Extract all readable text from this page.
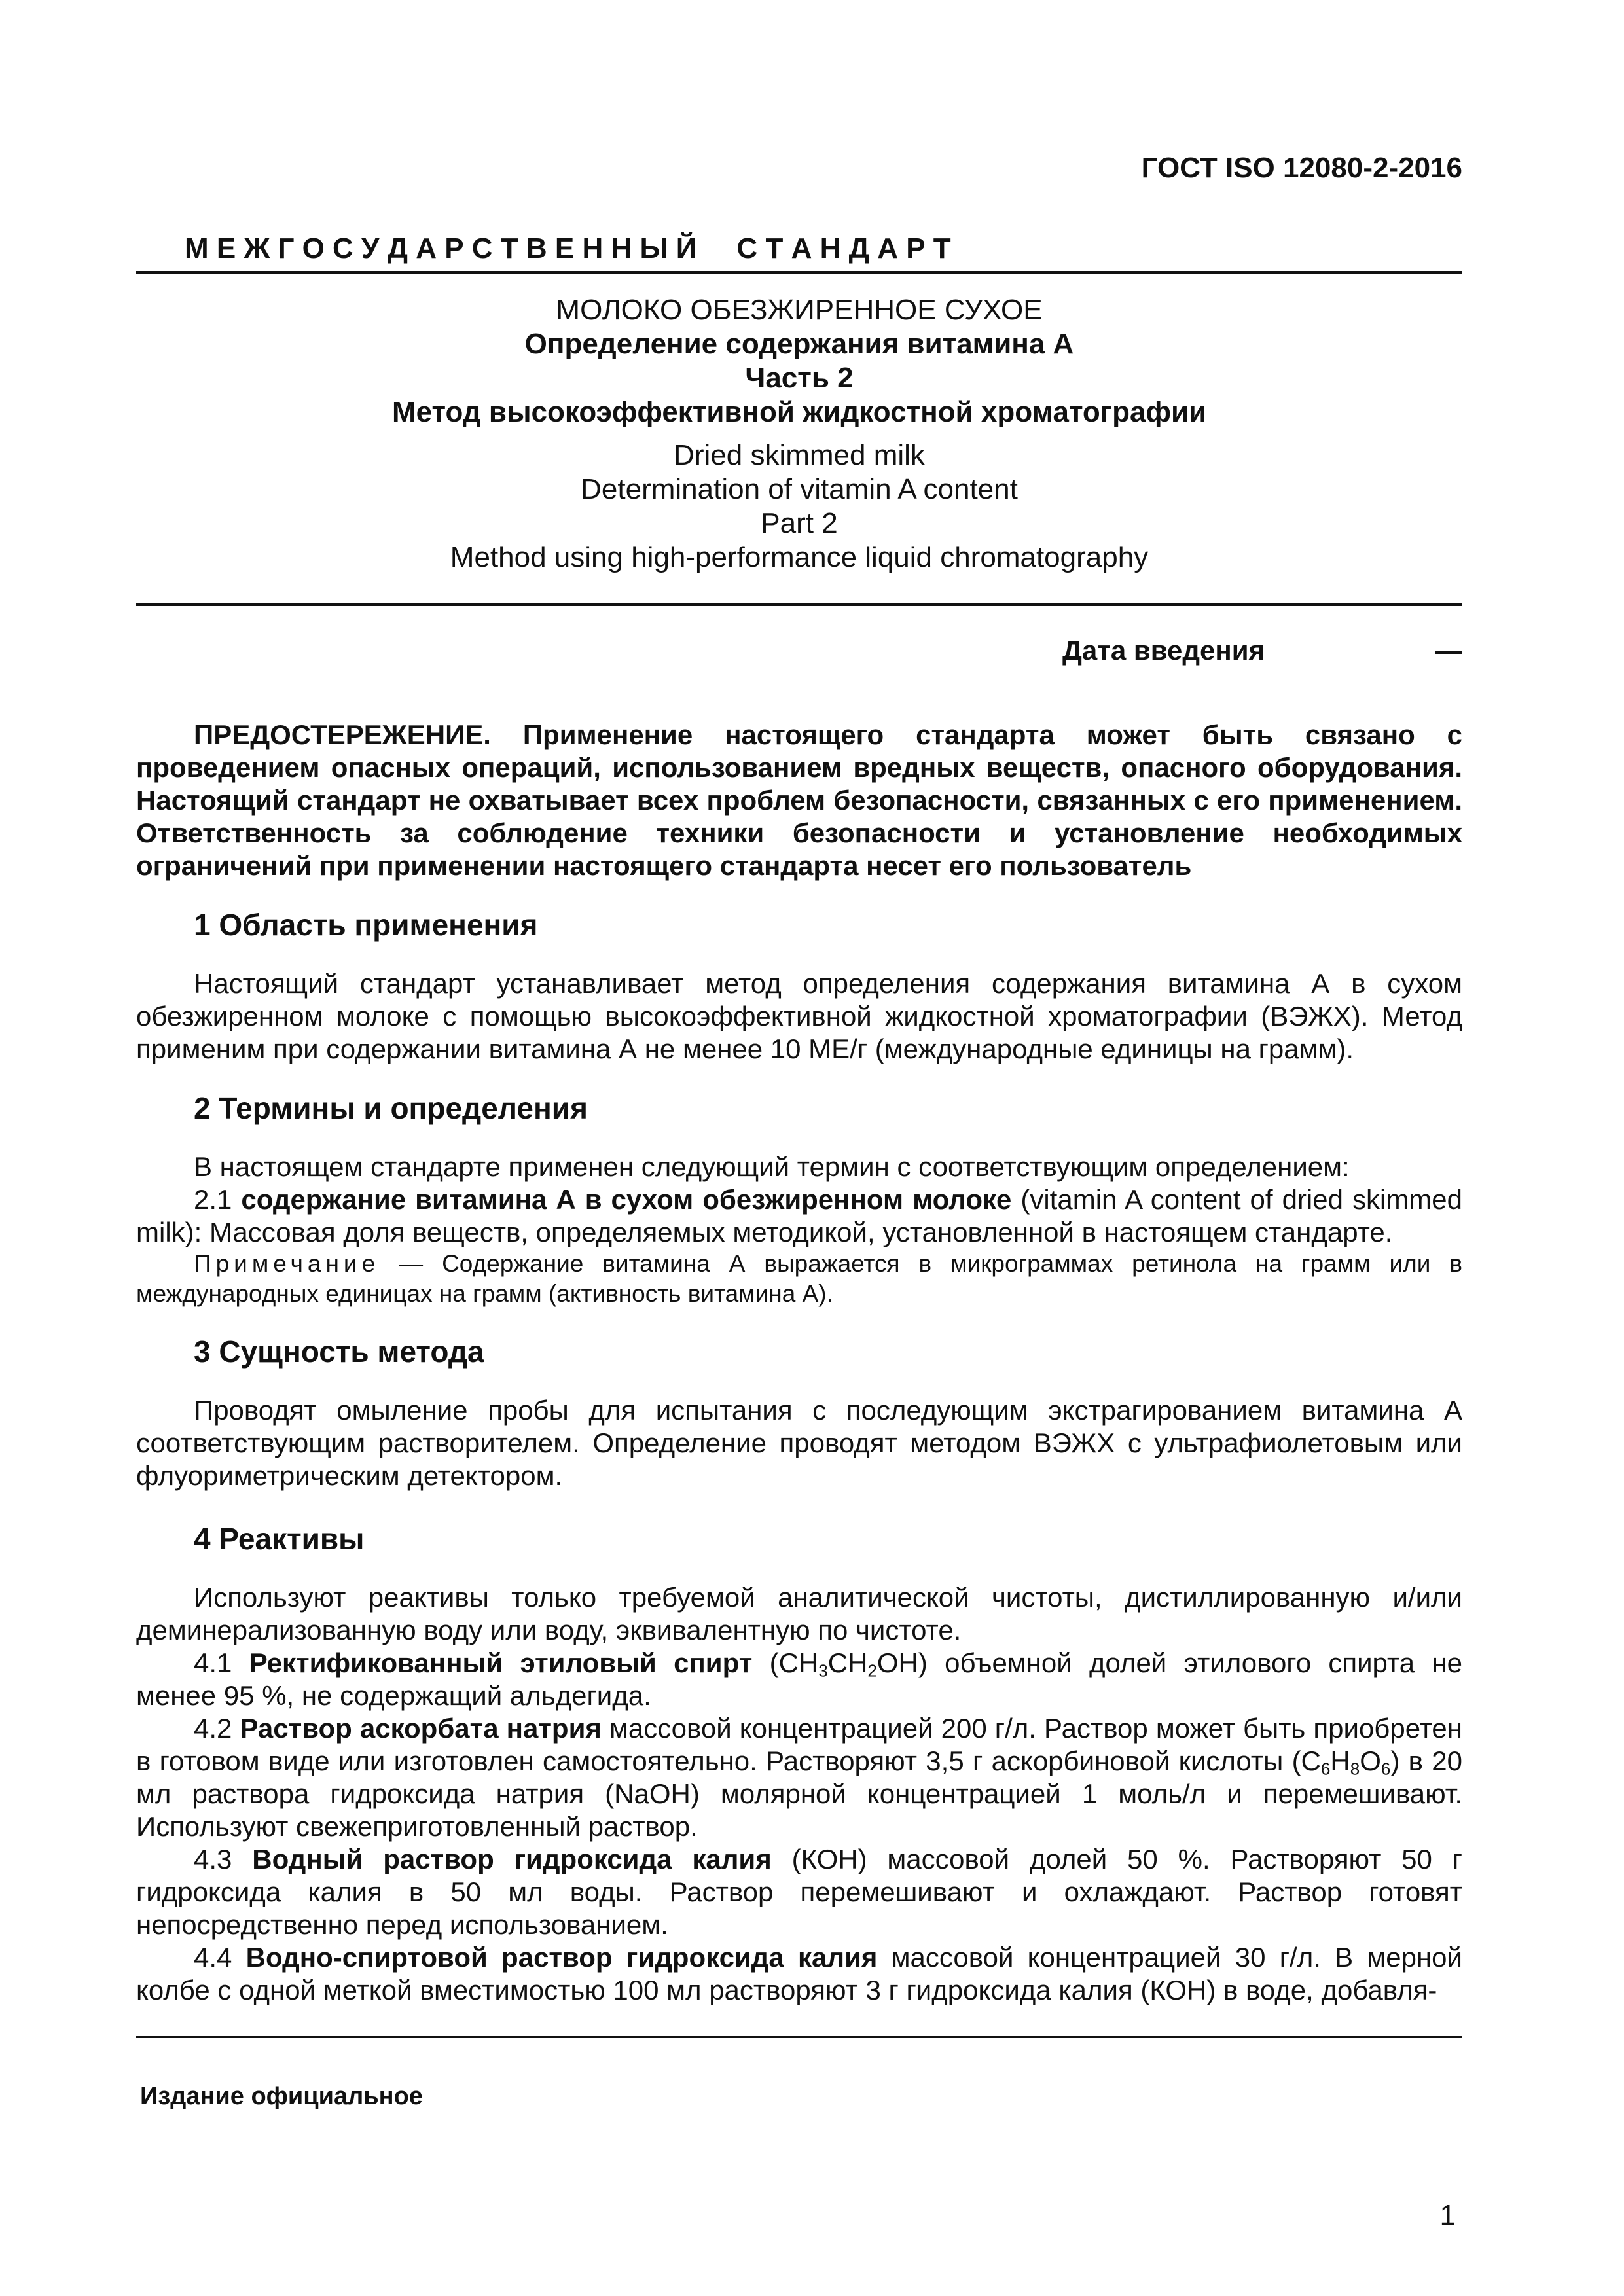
ГОСТ ISO 12080-2-2016
М Е Ж Г О С У Д А Р С Т В Е Н Н Ы Й     С Т А Н Д А Р Т
МОЛОКО ОБЕЗЖИРЕННОЕ СУХОЕ
Определение содержания витамина А
Часть 2
Метод высокоэффективной жидкостной хроматографии
Dried skimmed milk
Determination of vitamin A content
Part 2
Method using high-performance liquid chromatography
Дата введения	—

ПРЕДОСТЕРЕЖЕНИЕ. Применение настоящего стандарта может быть связано с проведением опасных операций, использованием вредных веществ, опасного оборудования. Настоящий стандарт не охватывает всех проблем безопасности, связанных с его применением. Ответственность за соблюдение техники безопасности и установление необходимых ограничений при применении настоящего стандарта несет его пользователь

1 Область применения

Настоящий стандарт устанавливает метод определения содержания витамина А в сухом обезжиренном молоке с помощью высокоэффективной жидкостной хроматографии (ВЭЖХ). Метод применим при содержании витамина А не менее 10 МЕ/г (международные единицы на грамм).

2 Термины и определения

В настоящем стандарте применен следующий термин с соответствующим определением:

2.1 содержание витамина А в сухом обезжиренном молоке (vitamin A content of dried skimmed milk): Массовая доля веществ, определяемых методикой, установленной в настоящем стандарте.

Примечание — Содержание витамина А выражается в микрограммах ретинола на грамм или в международных единицах на грамм (активность витамина А).

3 Сущность метода

Проводят омыление пробы для испытания с последующим экстрагированием витамина А соответствующим растворителем. Определение проводят методом ВЭЖХ с ультрафиолетовым или флуориметрическим детектором.

4 Реактивы

Используют реактивы только требуемой аналитической чистоты, дистиллированную и/или деминерализованную воду или воду, эквивалентную по чистоте.

4.1 Ректификованный этиловый спирт $(CH_3CH_2OH)$ объемной долей этилового спирта не менее 95 %, не содержащий альдегида.

4.2 Раствор аскорбата натрия массовой концентрацией 200 г/л. Раствор может быть приобретен в готовом виде или изготовлен самостоятельно. Растворяют 3,5 г аскорбиновой кислоты $(C_6H_8O_6)$ в 20 мл раствора гидроксида натрия (NaOH) молярной концентрацией 1 моль/л и перемешивают. Используют свежеприготовленный раствор.

4.3 Водный раствор гидроксида калия (КОН) массовой долей 50 %. Растворяют 50 г гидроксида калия в 50 мл воды. Раствор перемешивают и охлаждают. Раствор готовят непосредственно перед использованием.

4.4 Водно-спиртовой раствор гидроксида калия массовой концентрацией 30 г/л. В мерной колбе с одной меткой вместимостью 100 мл растворяют 3 г гидроксида калия (КОН) в воде, добавля-

Издание официальное
1
